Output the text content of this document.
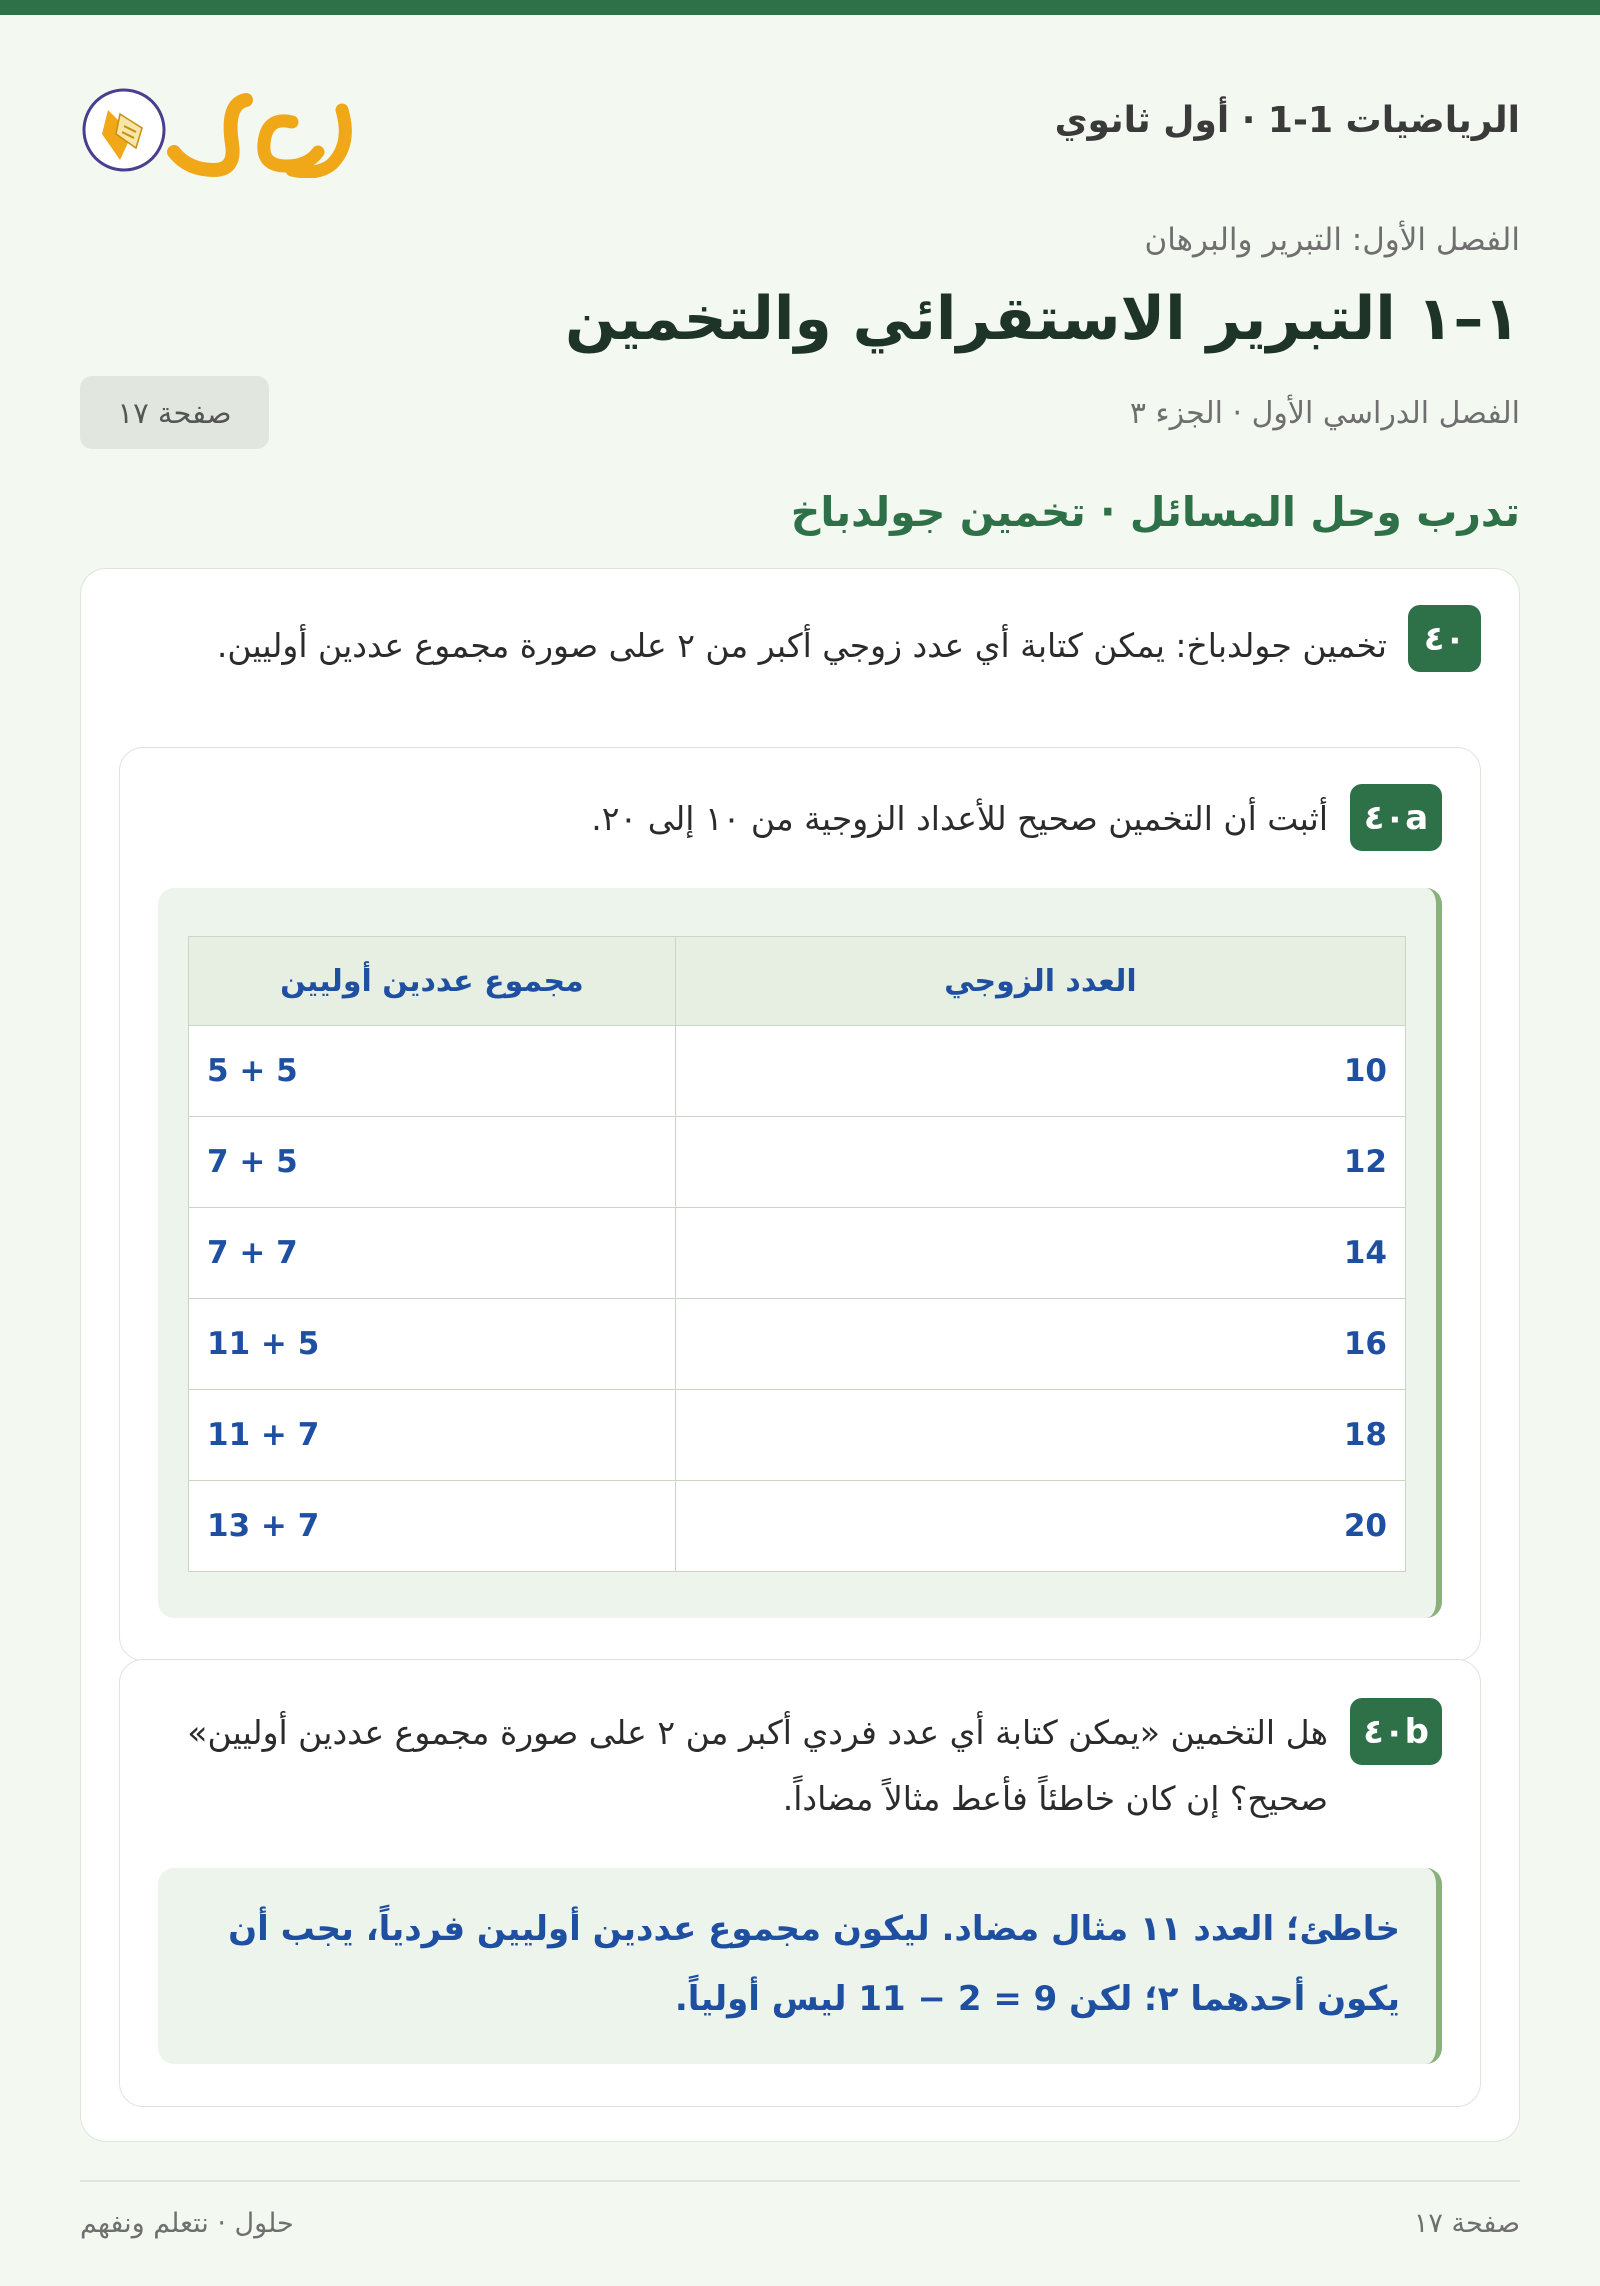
الرياضيات 1-1 · أول ثانوي
الفصل الأول: التبرير والبرهان
١–١ التبرير الاستقرائي والتخمين
الفصل الدراسي الأول · الجزء ٣
صفحة ١٧
تدرب وحل المسائل · تخمين جولدباخ
٤٠
تخمين جولدباخ: يمكن كتابة أي عدد زوجي أكبر من ٢ على صورة مجموع عددين أوليين.
٤٠a
أثبت أن التخمين صحيح للأعداد الزوجية من ١٠ إلى ٢٠.
العدد الزوجي	مجموع عددين أوليين
10	5 + 5
12	5 + 7
14	7 + 7
16	5 + 11
18	7 + 11
20	7 + 13
٤٠b
هل التخمين «يمكن كتابة أي عدد فردي أكبر من ٢ على صورة مجموع عددين أوليين» صحيح؟ إن كان خاطئاً فأعط مثالاً مضاداً.
خاطئ؛ العدد ١١ مثال مضاد. ليكون مجموع عددين أوليين فردياً، يجب أن يكون أحدهما ٢؛ لكن 9 = 2 − 11 ليس أولياً.
صفحة ١٧
حلول · نتعلم ونفهم
